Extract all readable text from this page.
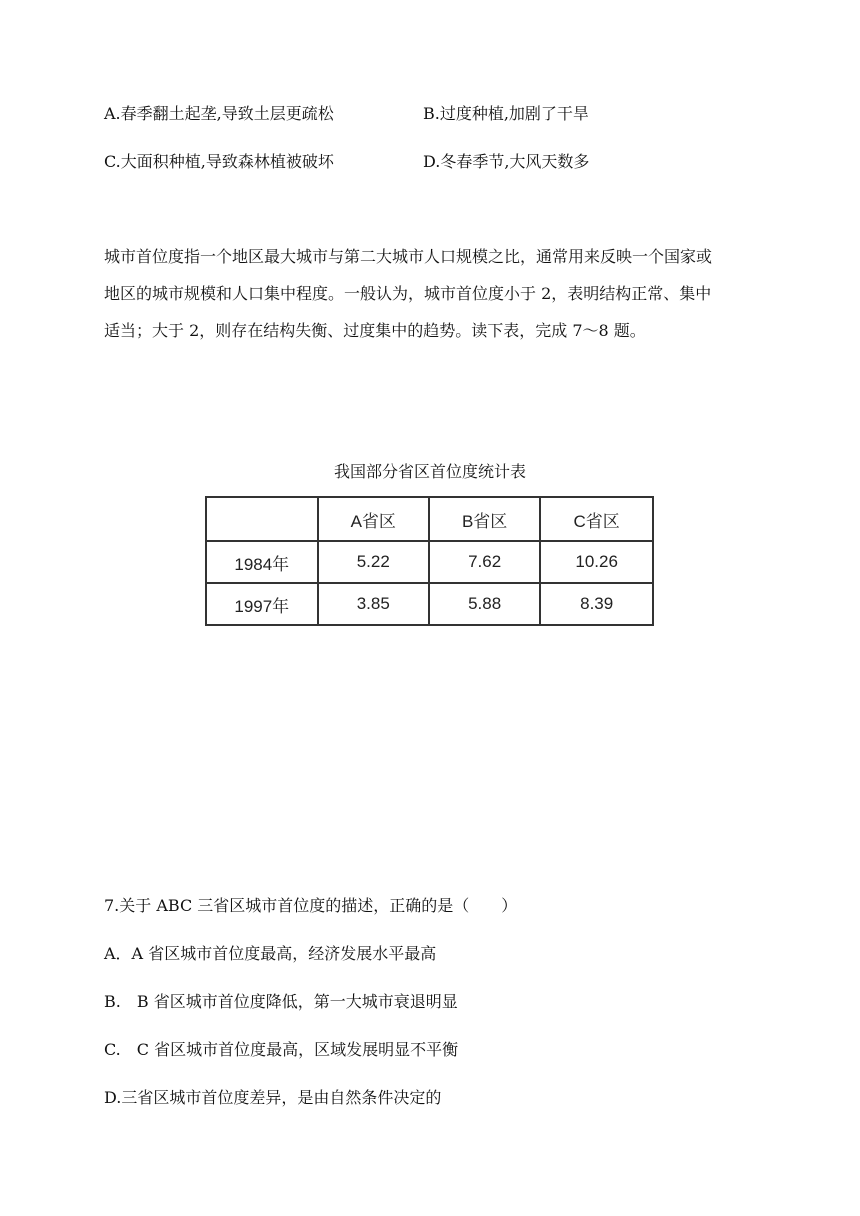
A.春季翻土起垄,导致土层更疏松	B.过度种植,加剧了干旱
C.大面积种植,导致森林植被破坏	D.冬春季节,大风天数多
城市首位度指一个地区最大城市与第二大城市人口规模之比，通常用来反映一个国家或
地区的城市规模和人口集中程度。一般认为，城市首位度小于 2，表明结构正常、集中
适当；大于 2，则存在结构失衡、过度集中的趋势。读下表，完成 7～8 题。
我国部分省区首位度统计表
	A省区	B省区	C省区
1984年	5.22	7.62	10.26
1997年	3.85	5.88	8.39
7.关于 ABC 三省区城市首位度的描述，正确的是（　　）
A．A 省区城市首位度最高，经济发展水平最高
B.　B 省区城市首位度降低，第一大城市衰退明显
C.　C 省区城市首位度最高，区域发展明显不平衡
D.三省区城市首位度差异，是由自然条件决定的
